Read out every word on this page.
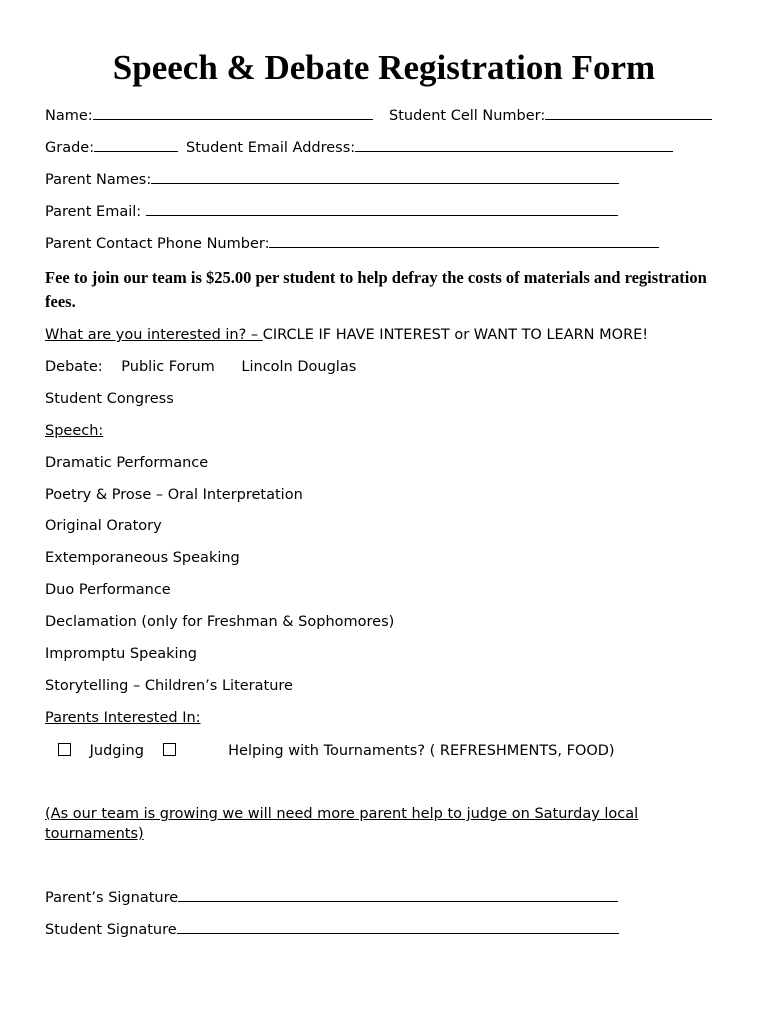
Speech & Debate Registration Form
Name:	Student Cell Number:
Grade:	Student Email Address:
Parent Names:
Parent Email:
Parent Contact Phone Number:
Fee to join our team is $25.00 per student to help defray the costs of materials and registration fees.
What are you interested in? – CIRCLE IF HAVE INTEREST or WANT TO LEARN MORE!
Debate: Public Forum Lincoln Douglas
Student Congress
Speech:
Dramatic Performance
Poetry & Prose – Oral Interpretation
Original Oratory
Extemporaneous Speaking
Duo Performance
Declamation (only for Freshman & Sophomores)
Impromptu Speaking
Storytelling – Children’s Literature
Parents Interested In:
Judging	Helping with Tournaments? ( REFRESHMENTS, FOOD)
(As our team is growing we will need more parent help to judge on Saturday local tournaments)
Parent’s Signature
Student Signature
